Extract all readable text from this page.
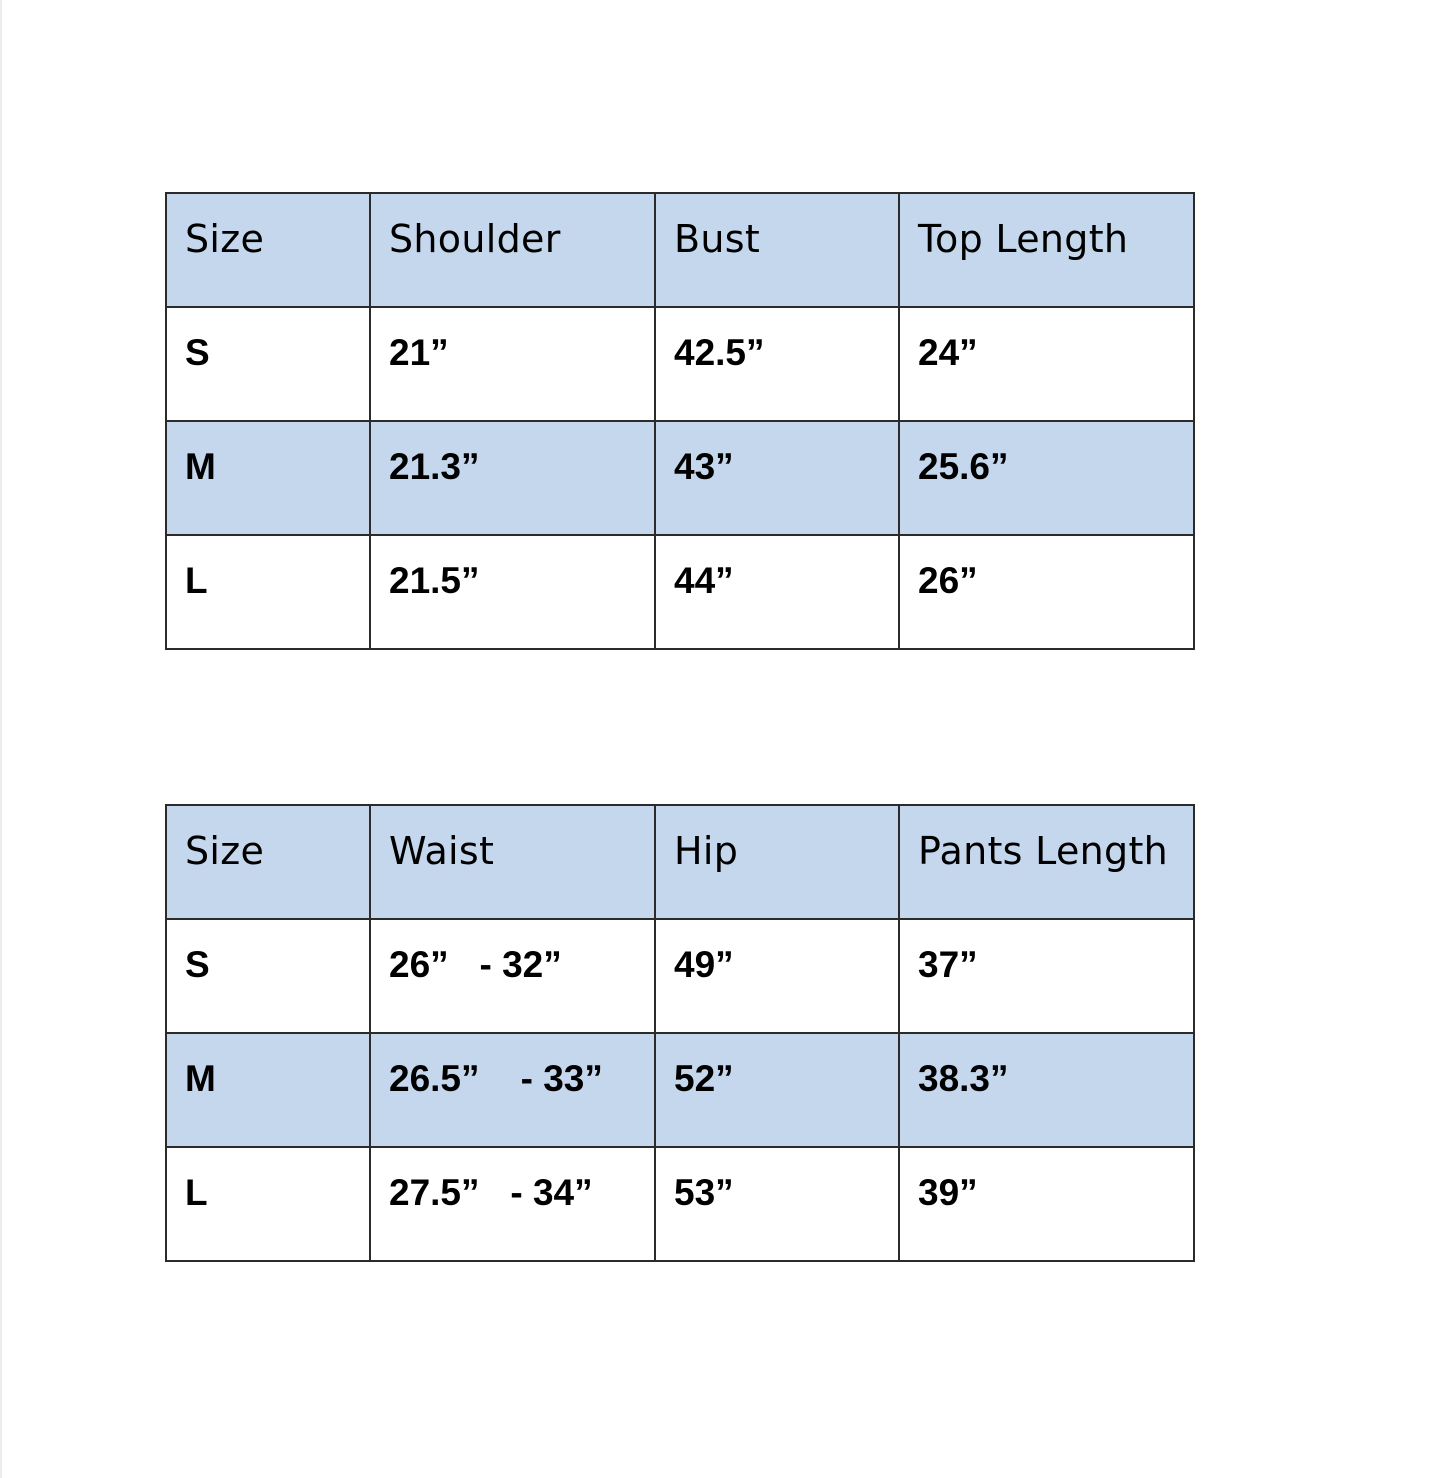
Size	Shoulder	Bust	Top Length

S	21”	42.5”	24”

M	21.3”	43”	25.6”

L	21.5”	44”	26”
Size	Waist	Hip	Pants Length

S	26”   - 32”	49”	37”

M	26.5”    - 33”	52”	38.3”

L	27.5”   - 34”	53”	39”
